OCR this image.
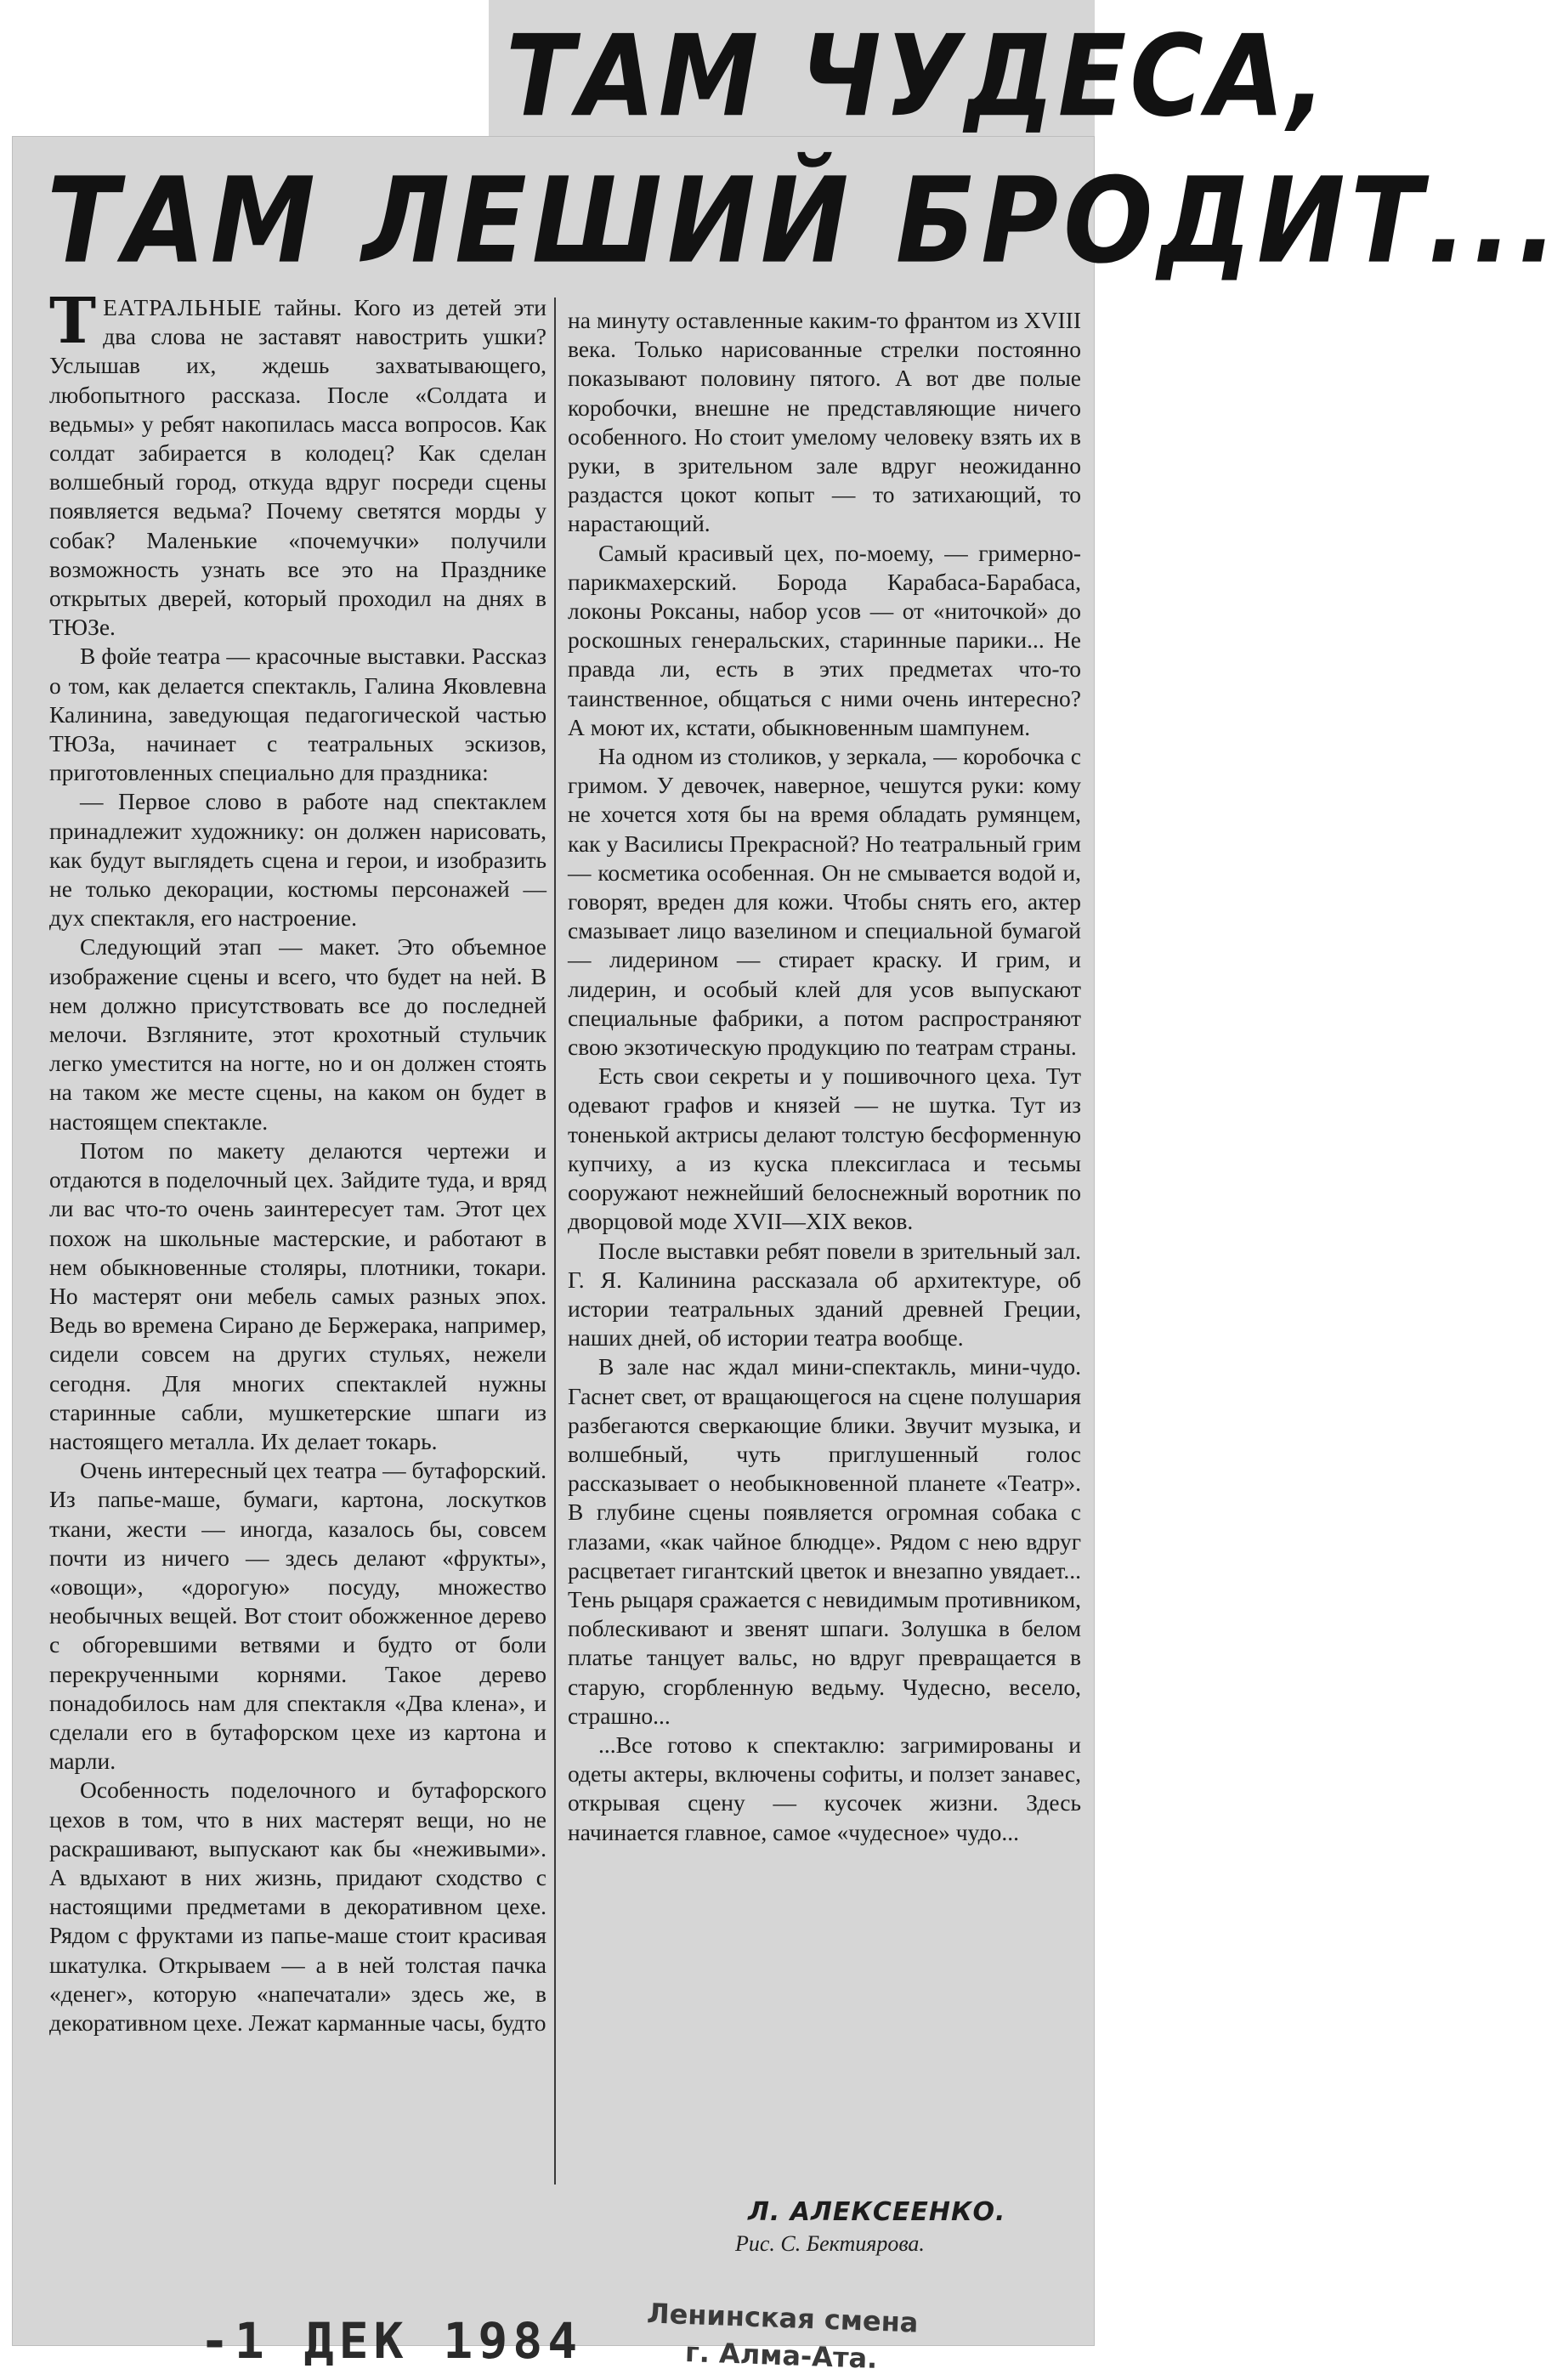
ТАМ ЧУДЕСА,
ТАМ ЛЕШИЙ БРОДИТ...

ТЕАТРАЛЬНЫЕ тайны. Кого из детей эти два слова не заставят навострить ушки? Услышав их, ждешь захватывающего, любопытного рассказа. После «Солдата и ведьмы» у ребят накопилась масса вопросов. Как солдат забирается в колодец? Как сделан волшебный город, откуда вдруг посреди сцены появляется ведьма? Почему светятся морды у собак? Маленькие «почемучки» получили возможность узнать все это на Празднике открытых дверей, который проходил на днях в ТЮЗе.

В фойе театра — красочные выставки. Рассказ о том, как делается спектакль, Галина Яковлевна Калинина, заведующая педагогической частью ТЮЗа, начинает с театральных эскизов, приготовленных специально для праздника:

— Первое слово в работе над спектаклем принадлежит художнику: он должен нарисовать, как будут выглядеть сцена и герои, и изобразить не только декорации, костюмы персонажей — дух спектакля, его настроение.

Следующий этап — макет. Это объемное изображение сцены и всего, что будет на ней. В нем должно присутствовать все до последней мелочи. Взгляните, этот крохотный стульчик легко уместится на ногте, но и он должен стоять на таком же месте сцены, на каком он будет в настоящем спектакле.

Потом по макету делаются чертежи и отдаются в поделочный цех. Зайдите туда, и вряд ли вас что-то очень заинтересует там. Этот цех похож на школьные мастерские, и работают в нем обыкновенные столяры, плотники, токари. Но мастерят они мебель самых разных эпох. Ведь во времена Сирано де Бержерака, например, сидели совсем на других стульях, нежели сегодня. Для многих спектаклей нужны старинные сабли, мушкетерские шпаги из настоящего металла. Их делает токарь.

Очень интересный цех театра — бутафорский. Из папье-маше, бумаги, картона, лоскутков ткани, жести — иногда, казалось бы, совсем почти из ничего — здесь делают «фрукты», «овощи», «дорогую» посуду, множество необычных вещей. Вот стоит обожженное дерево с обгоревшими ветвями и будто от боли перекрученными корнями. Такое дерево понадобилось нам для спектакля «Два клена», и сделали его в бутафорском цехе из картона и марли.

Особенность поделочного и бутафорского цехов в том, что в них мастерят вещи, но не раскрашивают, выпускают как бы «неживыми». А вдыхают в них жизнь, придают сходство с настоящими предметами в декоративном цехе. Рядом с фруктами из папье-маше стоит красивая шкатулка. Открываем — а в ней толстая пачка «денег», которую «напечатали» здесь же, в декоративном цехе. Лежат карманные часы, будто

на минуту оставленные каким-то франтом из XVIII века. Только нарисованные стрелки постоянно показывают половину пятого. А вот две полые коробочки, внешне не представляющие ничего особенного. Но стоит умелому человеку взять их в руки, в зрительном зале вдруг неожиданно раздастся цокот копыт — то затихающий, то нарастающий.

Самый красивый цех, по-моему, — гримерно-парикмахерский. Борода Карабаса-Барабаса, локоны Роксаны, набор усов — от «ниточкой» до роскошных генеральских, старинные парики... Не правда ли, есть в этих предметах что-то таинственное, общаться с ними очень интересно? А моют их, кстати, обыкновенным шампунем.

На одном из столиков, у зеркала, — коробочка с гримом. У девочек, наверное, чешутся руки: кому не хочется хотя бы на время обладать румянцем, как у Василисы Прекрасной? Но театральный грим — косметика особенная. Он не смывается водой и, говорят, вреден для кожи. Чтобы снять его, актер смазывает лицо вазелином и специальной бумагой — лидерином — стирает краску. И грим, и лидерин, и особый клей для усов выпускают специальные фабрики, а потом распространяют свою экзотическую продукцию по театрам страны.

Есть свои секреты и у пошивочного цеха. Тут одевают графов и князей — не шутка. Тут из тоненькой актрисы делают толстую бесформенную купчиху, а из куска плексигласа и тесьмы сооружают нежнейший белоснежный воротник по дворцовой моде XVII—XIX веков.

После выставки ребят повели в зрительный зал. Г. Я. Калинина рассказала об архитектуре, об истории театральных зданий древней Греции, наших дней, об истории театра вообще.

В зале нас ждал мини-спектакль, мини-чудо. Гаснет свет, от вращающегося на сцене полушария разбегаются сверкающие блики. Звучит музыка, и волшебный, чуть приглушенный голос рассказывает о необыкновенной планете «Театр». В глубине сцены появляется огромная собака с глазами, «как чайное блюдце». Рядом с нею вдруг расцветает гигантский цветок и внезапно увядает... Тень рыцаря сражается с невидимым противником, поблескивают и звенят шпаги. Золушка в белом платье танцует вальс, но вдруг превращается в старую, сгорбленную ведьму. Чудесно, весело, страшно...

...Все готово к спектаклю: загримированы и одеты актеры, включены софиты, и ползет занавес, открывая сцену — кусочек жизни. Здесь начинается главное, самое «чудесное» чудо...

Л. АЛЕКСЕЕНКО.
Рис. С. Бектиярова.
-1 ДЕК 1984	Ленинская смена
г. Алма-Ата.
